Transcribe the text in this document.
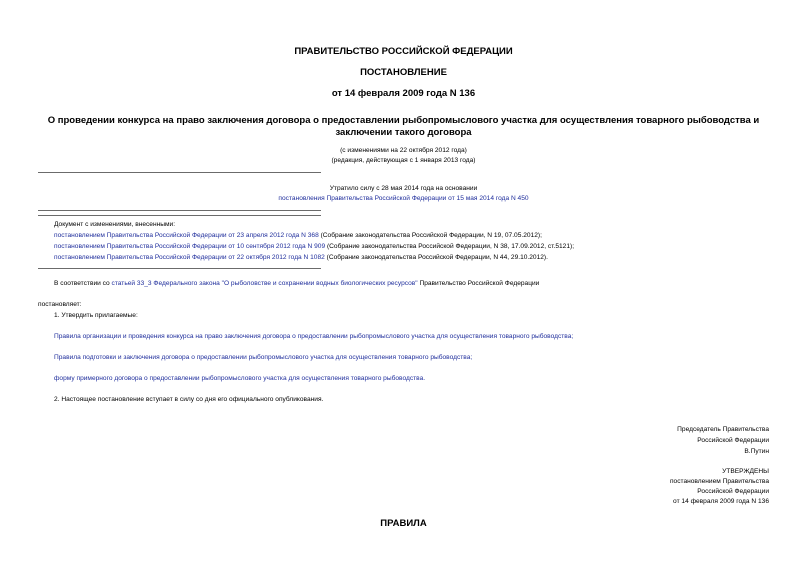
ПРАВИТЕЛЬСТВО РОССИЙСКОЙ ФЕДЕРАЦИИ
ПОСТАНОВЛЕНИЕ
от 14 февраля 2009 года N 136
О проведении конкурса на право заключения договора о предоставлении рыбопромыслового участка для осуществления товарного рыбоводства и заключении такого договора
(с изменениями на 22 октября 2012 года)
(редакция, действующая с 1 января 2013 года)
Утратило силу с 28 мая 2014 года на основании
постановления Правительства Российской Федерации от 15 мая 2014 года N 450
Документ с изменениями, внесенными:
постановлением Правительства Российской Федерации от 23 апреля 2012 года N 368 (Собрание законодательства Российской Федерации, N 19, 07.05.2012);
постановлением Правительства Российской Федерации от 10 сентября 2012 года N 909 (Собрание законодательства Российской Федерации, N 38, 17.09.2012, ст.5121);
постановлением Правительства Российской Федерации от 22 октября 2012 года N 1082 (Собрание законодательства Российской Федерации, N 44, 29.10.2012).
В соответствии со статьей 33_3 Федерального закона "О рыболовстве и сохранении водных биологических ресурсов" Правительство Российской Федерации
постановляет:
1. Утвердить прилагаемые:
Правила организации и проведения конкурса на право заключения договора о предоставлении рыбопромыслового участка для осуществления товарного рыбоводства;
Правила подготовки и заключения договора о предоставлении рыбопромыслового участка для осуществления товарного рыбоводства;
форму примерного договора о предоставлении рыбопромыслового участка для осуществления товарного рыбоводства.
2. Настоящее постановление вступает в силу со дня его официального опубликования.
Председатель Правительства
Российской Федерации
В.Путин
УТВЕРЖДЕНЫ
постановлением Правительства
Российской Федерации
от 14 февраля 2009 года N 136
ПРАВИЛА
